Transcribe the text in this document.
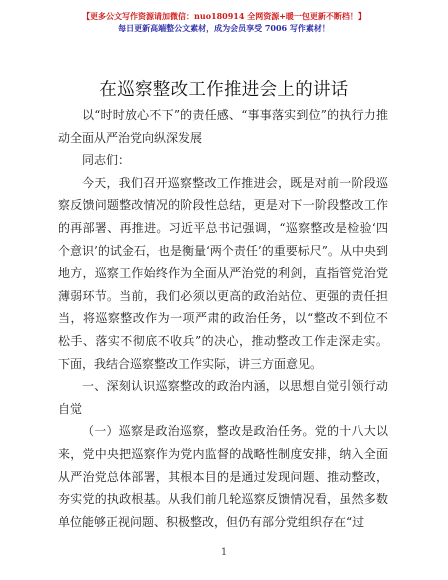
【更多公文写作资源请加微信：nuo180914 全网资源+暖一包更新不断档！】
每日更新高端整公文素材，成为会员享受 7006 写作素材！
在巡察整改工作推进会上的讲话

以“时时放心不下”的责任感、“事事落实到位”的执行力推动全面从严治党向纵深发展

同志们：

今天，我们召开巡察整改工作推进会，既是对前一阶段巡察反馈问题整改情况的阶段性总结，更是对下一阶段整改工作的再部署、再推进。习近平总书记强调，“巡察整改是检验‘四个意识’的试金石，也是衡量‘两个责任’的重要标尺”。从中央到地方，巡察工作始终作为全面从严治党的利剑，直指管党治党薄弱环节。当前，我们必须以更高的政治站位、更强的责任担当，将巡察整改作为一项严肃的政治任务，以“整改不到位不松手、落实不彻底不收兵”的决心，推动整改工作走深走实。下面，我结合巡察整改工作实际，讲三方面意见。

一、深刻认识巡察整改的政治内涵，以思想自觉引领行动自觉

（一）巡察是政治巡察，整改是政治任务。党的十八大以来，党中央把巡察作为党内监督的战略性制度安排，纳入全面从严治党总体部署，其根本目的是通过发现问题、推动整改，夯实党的执政根基。从我们前几轮巡察反馈情况看，虽然多数单位能够正视问题、积极整改，但仍有部分党组织存在“过

1
